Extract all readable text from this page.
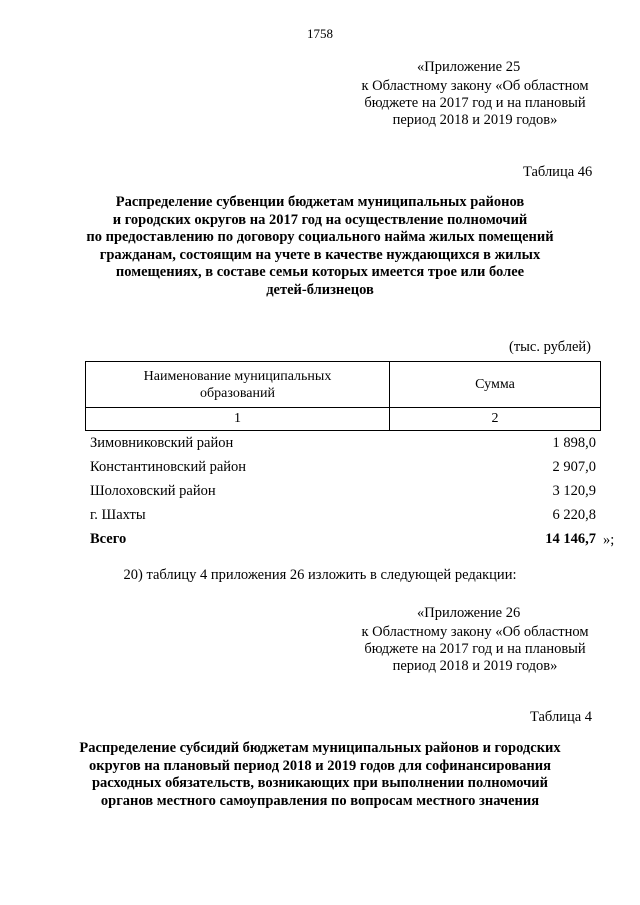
1758
«Приложение 25
к Областному закону «Об областном
бюджете на 2017 год и на плановый
период 2018 и 2019 годов»
Таблица 46
Распределение субвенции бюджетам муниципальных районов
и городских округов на 2017 год на осуществление полномочий
по предоставлению по договору социального найма жилых помещений
гражданам, состоящим на учете в качестве нуждающихся в жилых
помещениях, в составе семьи которых имеется трое или более
детей-близнецов
(тыс. рублей)
Наименование муниципальных
образований	Сумма
1	2
Зимовниковский район	1 898,0
Константиновский район	2 907,0
Шолоховский район	3 120,9
г. Шахты	6 220,8
Всего	14 146,7 »;
20) таблицу 4 приложения 26 изложить в следующей редакции:
«Приложение 26
к Областному закону «Об областном
бюджете на 2017 год и на плановый
период 2018 и 2019 годов»
Таблица 4
Распределение субсидий бюджетам муниципальных районов и городских
округов на плановый период 2018 и 2019 годов для софинансирования
расходных обязательств, возникающих при выполнении полномочий
органов местного самоуправления по вопросам местного значения
